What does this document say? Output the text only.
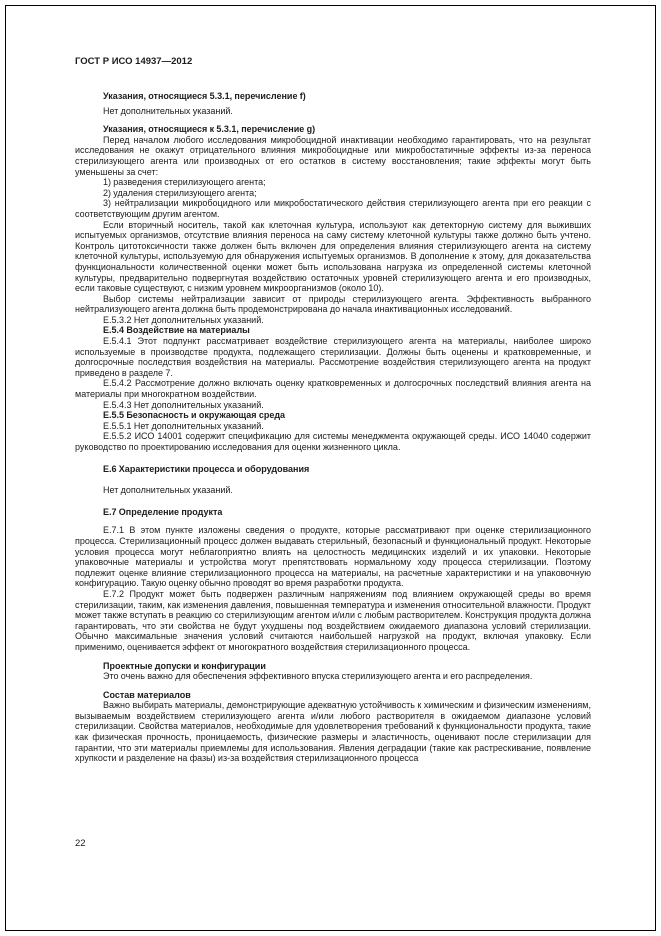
ГОСТ Р ИСО 14937—2012

Указания, относящиеся 5.3.1, перечисление f)

Нет дополнительных указаний.

Указания, относящиеся к 5.3.1, перечисление g)

Перед началом любого исследования микробоцидной инактивации необходимо гарантировать, что на результат исследования не окажут отрицательного влияния микробоцидные или микробостатичные эффекты из-за переноса стерилизующего агента или производных от его остатков в систему восстановления; такие эффекты могут быть уменьшены за счет:

1) разведения стерилизующего агента;

2) удаления стерилизующего агента;

3) нейтрализации микробоцидного или микробостатического действия стерилизующего агента при его реакции с соответствующим другим агентом.

Если вторичный носитель, такой как клеточная культура, используют как детекторную систему для выживших испытуемых организмов, отсутствие влияния переноса на саму систему клеточной культуры также должно быть учтено. Контроль цитотоксичности также должен быть включен для определения влияния стерилизующего агента на систему клеточной культуры, используемую для обнаружения испытуемых организмов. В дополнение к этому, для доказательства функциональности количественной оценки может быть использована нагрузка из определенной системы клеточной культуры, предварительно подвергнутая воздействию остаточных уровней стерилизующего агента и его производных, если таковые существуют, с низким уровнем микроорганизмов (около 10).

Выбор системы нейтрализации зависит от природы стерилизующего агента. Эффективность выбранного нейтрализующего агента должна быть продемонстрирована до начала инактивационных исследований.

Е.5.3.2 Нет дополнительных указаний.

Е.5.4 Воздействие на материалы

Е.5.4.1 Этот подпункт рассматривает воздействие стерилизующего агента на материалы, наиболее широко используемые в производстве продукта, подлежащего стерилизации. Должны быть оценены и кратковременные, и долгосрочные последствия воздействия на материалы. Рассмотрение воздействия стерилизующего агента на продукт приведено в разделе 7.

Е.5.4.2 Рассмотрение должно включать оценку кратковременных и долгосрочных последствий влияния агента на материалы при многократном воздействии.

Е.5.4.3 Нет дополнительных указаний.

Е.5.5 Безопасность и окружающая среда

Е.5.5.1 Нет дополнительных указаний.

Е.5.5.2 ИСО 14001 содержит спецификацию для системы менеджмента окружающей среды. ИСО 14040 содержит руководство по проектированию исследования для оценки жизненного цикла.

Е.6 Характеристики процесса и оборудования

Нет дополнительных указаний.

Е.7 Определение продукта

Е.7.1 В этом пункте изложены сведения о продукте, которые рассматривают при оценке стерилизационного процесса. Стерилизационный процесс должен выдавать стерильный, безопасный и функциональный продукт. Некоторые условия процесса могут неблагоприятно влиять на целостность медицинских изделий и их упаковки. Некоторые упаковочные материалы и устройства могут препятствовать нормальному ходу процесса стерилизации. Поэтому подлежит оценке влияние стерилизационного процесса на материалы, на расчетные характеристики и на упаковочную конфигурацию. Такую оценку обычно проводят во время разработки продукта.

Е.7.2 Продукт может быть подвержен различным напряжениям под влиянием окружающей среды во время стерилизации, таким, как изменения давления, повышенная температура и изменения относительной влажности. Продукт может также вступать в реакцию со стерилизующим агентом и/или с любым растворителем. Конструкция продукта должна гарантировать, что эти свойства не будут ухудшены под воздействием ожидаемого диапазона условий стерилизации. Обычно максимальные значения условий считаются наибольшей нагрузкой на продукт, включая упаковку. Если применимо, оценивается эффект от многократного воздействия стерилизационного процесса.

Проектные допуски и конфигурации

Это очень важно для обеспечения эффективного впуска стерилизующего агента и его распределения.

Состав материалов

Важно выбирать материалы, демонстрирующие адекватную устойчивость к химическим и физическим изменениям, вызываемым воздействием стерилизующего агента и/или любого растворителя в ожидаемом диапазоне условий стерилизации. Свойства материалов, необходимые для удовлетворения требований к функциональности продукта, такие как физическая прочность, проницаемость, физические размеры и эластичность, оценивают после стерилизации для гарантии, что эти материалы приемлемы для использования. Явления деградации (такие как растрескивание, появление хрупкости и разделение на фазы) из-за воздействия стерилизационного процесса

22
